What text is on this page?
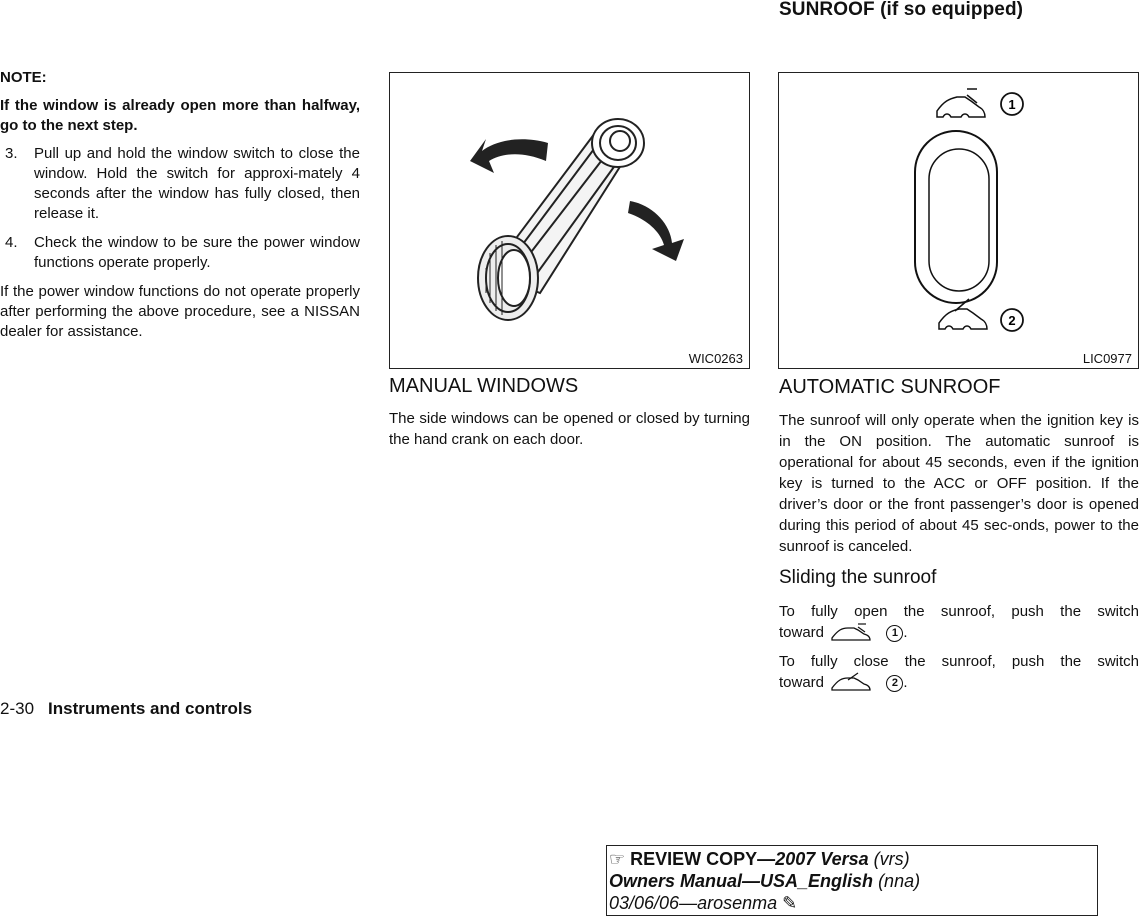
SUNROOF (if so equipped)
NOTE:
If the window is already open more than halfway, go to the next step.
3.	Pull up and hold the window switch to close the window. Hold the switch for approxi-mately 4 seconds after the window has fully closed, then release it.
4.	Check the window to be sure the power window functions operate properly.
If the power window functions do not operate properly after performing the above procedure, see a NISSAN dealer for assistance.
WIC0263
1
2
LIC0977
MANUAL WINDOWS
The side windows can be opened or closed by turning the hand crank on each door.
AUTOMATIC SUNROOF
The sunroof will only operate when the ignition key is in the ON position. The automatic sunroof is operational for about 45 seconds, even if the ignition key is turned to the ACC or OFF position. If the driver’s door or the front passenger’s door is opened during this period of about 45 sec-onds, power to the sunroof is canceled.
Sliding the sunroof
To fully open the sunroof, push the switch
toward	1 .
To fully close the sunroof, push the switch
toward	2 .
2-30 Instruments and controls
☞ REVIEW COPY—2007 Versa (vrs)
Owners Manual—USA_English (nna)
03/06/06—arosenma ✎
